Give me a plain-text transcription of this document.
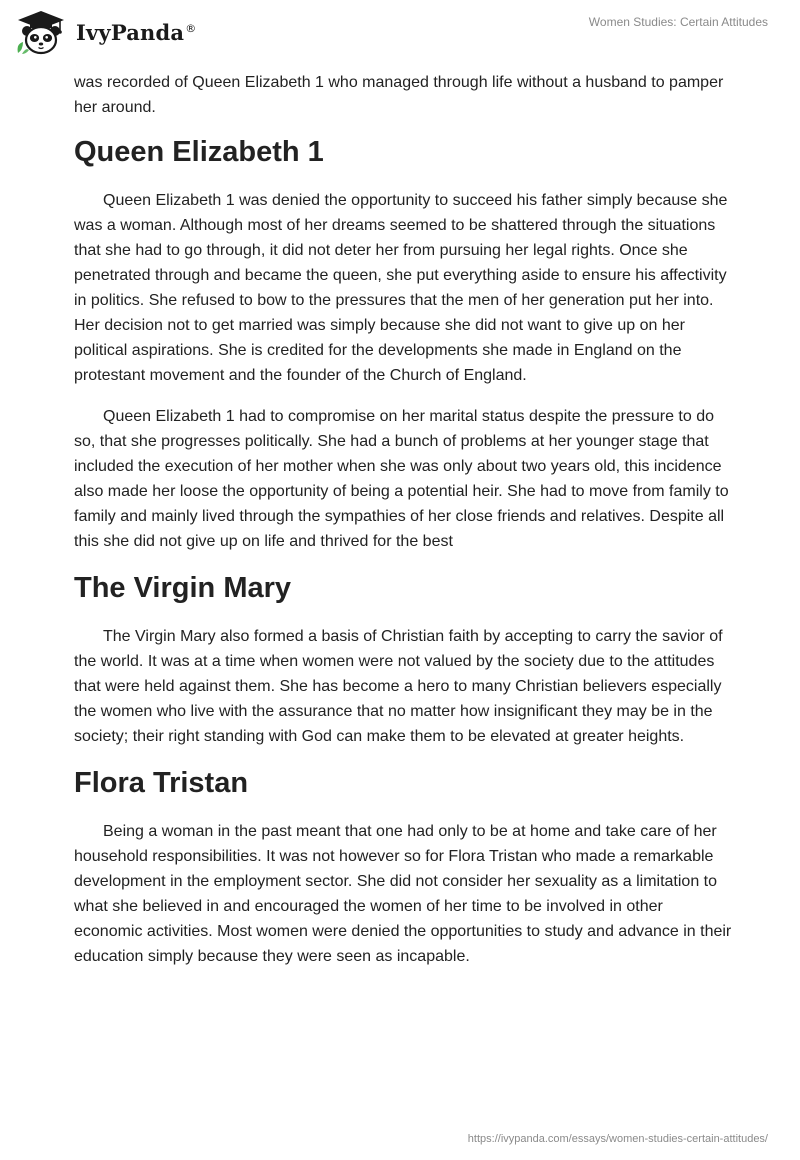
IvyPanda®	Women Studies: Certain Attitudes

was recorded of Queen Elizabeth 1 who managed through life without a husband to pamper her around.

Queen Elizabeth 1

Queen Elizabeth 1 was denied the opportunity to succeed his father simply because she was a woman. Although most of her dreams seemed to be shattered through the situations that she had to go through, it did not deter her from pursuing her legal rights. Once she penetrated through and became the queen, she put everything aside to ensure his affectivity in politics. She refused to bow to the pressures that the men of her generation put her into. Her decision not to get married was simply because she did not want to give up on her political aspirations. She is credited for the developments she made in England on the protestant movement and the founder of the Church of England.

Queen Elizabeth 1 had to compromise on her marital status despite the pressure to do so, that she progresses politically. She had a bunch of problems at her younger stage that included the execution of her mother when she was only about two years old, this incidence also made her loose the opportunity of being a potential heir. She had to move from family to family and mainly lived through the sympathies of her close friends and relatives. Despite all this she did not give up on life and thrived for the best

The Virgin Mary

The Virgin Mary also formed a basis of Christian faith by accepting to carry the savior of the world. It was at a time when women were not valued by the society due to the attitudes that were held against them. She has become a hero to many Christian believers especially the women who live with the assurance that no matter how insignificant they may be in the society; their right standing with God can make them to be elevated at greater heights.

Flora Tristan

Being a woman in the past meant that one had only to be at home and take care of her household responsibilities. It was not however so for Flora Tristan who made a remarkable development in the employment sector. She did not consider her sexuality as a limitation to what she believed in and encouraged the women of her time to be involved in other economic activities. Most women were denied the opportunities to study and advance in their education simply because they were seen as incapable.

https://ivypanda.com/essays/women-studies-certain-attitudes/
